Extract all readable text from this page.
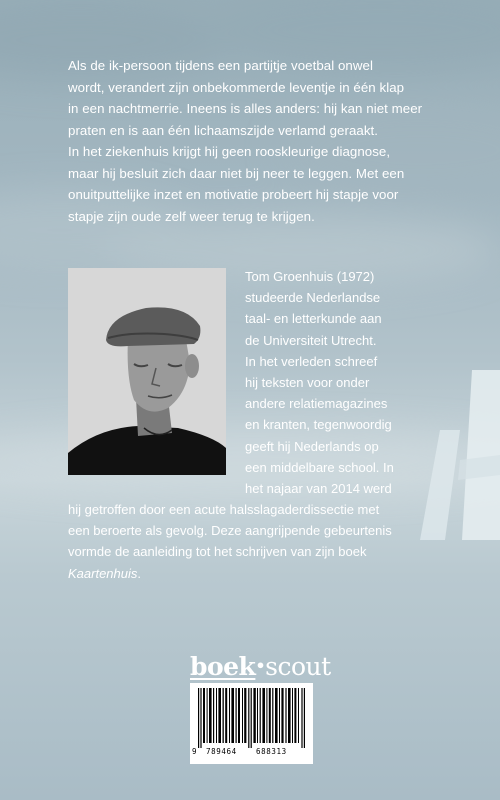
Als de ik-persoon tijdens een partijtje voetbal onwel
wordt, verandert zijn onbekommerde leventje in één klap
in een nachtmerrie. Ineens is alles anders: hij kan niet meer
praten en is aan één lichaamszijde verlamd geraakt.
In het ziekenhuis krijgt hij geen rooskleurige diagnose,
maar hij besluit zich daar niet bij neer te leggen. Met een
onuitputtelijke inzet en motivatie probeert hij stapje voor
stapje zijn oude zelf weer terug te krijgen.
Tom Groenhuis (1972)
studeerde Nederlandse
taal- en letterkunde aan
de Universiteit Utrecht.
In het verleden schreef
hij teksten voor onder
andere relatiemagazines
en kranten, tegenwoordig
geeft hij Nederlands op
een middelbare school. In
het najaar van 2014 werd
hij getroffen door een acute halsslagaderdissectie met
een beroerte als gevolg. Deze aangrijpende gebeurtenis
vormde de aanleiding tot het schrijven van zijn boek
Kaartenhuis.
boek•scout
9 789464	688313
